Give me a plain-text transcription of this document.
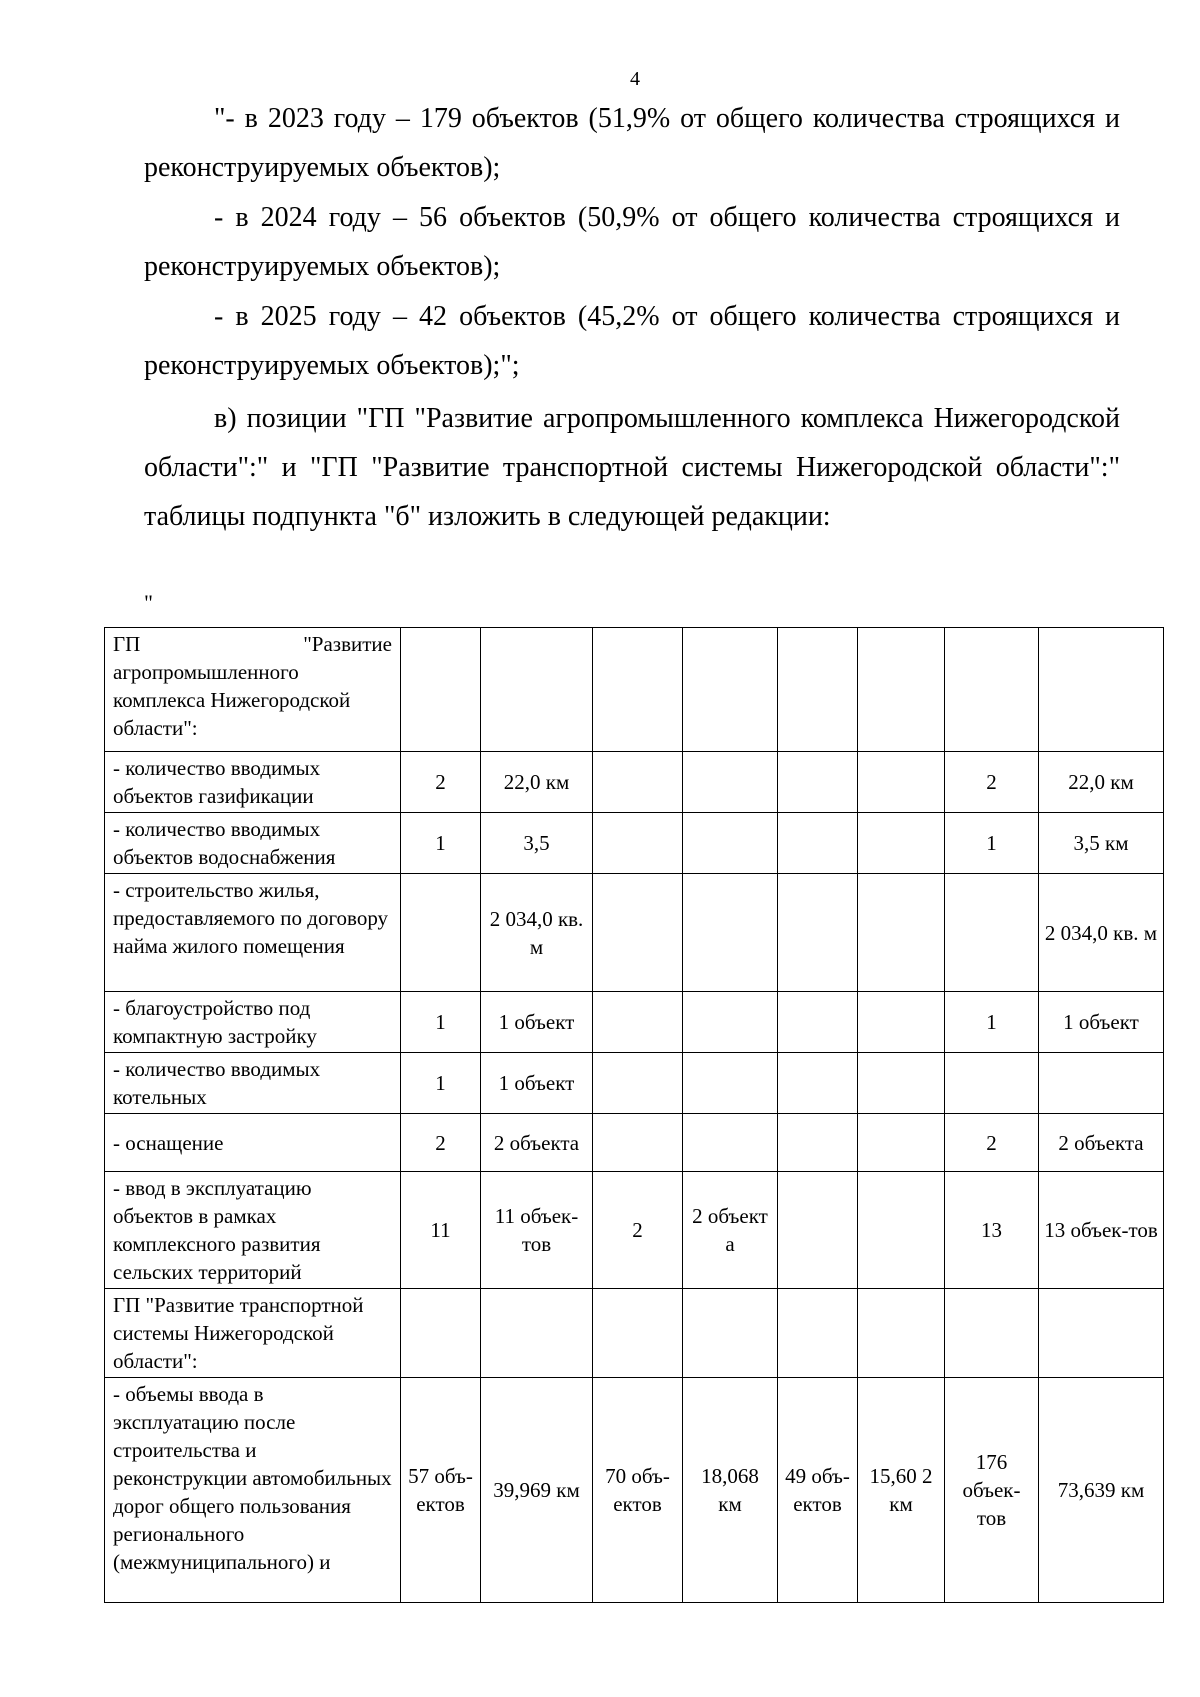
4

"- в 2023 году – 179 объектов (51,9% от общего количества строящихся и реконструируемых объектов);

- в 2024 году – 56 объектов (50,9% от общего количества строящихся и реконструируемых объектов);

- в 2025 году – 42 объектов (45,2% от общего количества строящихся и реконструируемых объектов);";

в) позиции "ГП "Развитие агропромышленного комплекса Нижегородской области":" и "ГП "Развитие транспортной системы Нижегородской области":" таблицы подпункта "б" изложить в следующей редакции:

"
ГП "Развитие
агропромышленного комплекса Нижегородской области":								
- количество вводимых объектов газификации	2	22,0 км					2	22,0 км
- количество вводимых объектов водоснабжения	1	3,5					1	3,5 км
- строительство жилья, предоставляемого по договору найма жилого помещения		2 034,0 кв. м						2 034,0 кв. м
- благоустройство под компактную застройку	1	1 объект					1	1 объект
- количество вводимых котельных	1	1 объект						
- оснащение	2	2 объекта					2	2 объекта
- ввод в эксплуатацию объектов в рамках комплексного развития сельских территорий	11	11 объек-тов	2	2 объект а			13	13 объек-тов
ГП "Развитие транспортной системы Нижегородской области":								
- объемы ввода в эксплуатацию после строительства и реконструкции автомобильных дорог общего пользования регионального (межмуниципального) и	57 объ-ектов	39,969 км	70 объ-ектов	18,068 км	49 объ-ектов	15,60 2 км	176 объек-тов	73,639 км
